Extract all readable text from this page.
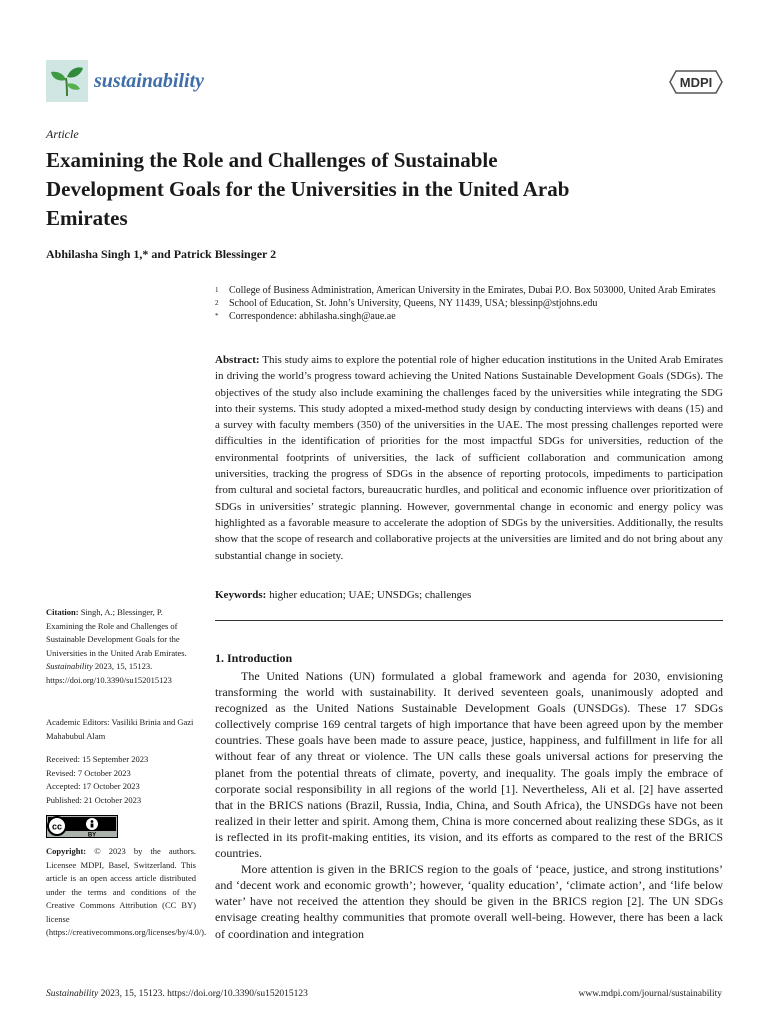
sustainability	MDPI
Article
Examining the Role and Challenges of Sustainable Development Goals for the Universities in the United Arab Emirates
Abhilasha Singh 1,* and Patrick Blessinger 2
1 College of Business Administration, American University in the Emirates, Dubai P.O. Box 503000, United Arab Emirates
2 School of Education, St. John’s University, Queens, NY 11439, USA; blessinp@stjohns.edu
* Correspondence: abhilasha.singh@aue.ae

Abstract: This study aims to explore the potential role of higher education institutions in the United Arab Emirates in driving the world’s progress toward achieving the United Nations Sustainable Development Goals (SDGs). The objectives of the study also include examining the challenges faced by the universities while integrating the SDG into their systems. This study adopted a mixed-method study design by conducting interviews with deans (15) and a survey with faculty members (350) of the universities in the UAE. The most pressing challenges reported were difficulties in the identification of priorities for the most impactful SDGs for universities, reduction of the environmental footprints of universities, the lack of sufficient collaboration and communication among universities, tracking the progress of SDGs in the absence of reporting protocols, impediments to participation from cultural and societal factors, bureaucratic hurdles, and political and economic influence over prioritization of SDGs in universities’ strategic planning. However, governmental change in economic and energy policy was highlighted as a favorable measure to accelerate the adoption of SDGs by the universities. Additionally, the results show that the scope of research and collaborative projects at the universities are limited and do not bring about any substantial change in society.

Keywords: higher education; UAE; UNSDGs; challenges
Citation: Singh, A.; Blessinger, P. Examining the Role and Challenges of Sustainable Development Goals for the Universities in the United Arab Emirates. Sustainability 2023, 15, 15123. https://doi.org/10.3390/su152015123
Academic Editors: Vasiliki Brinia and Gazi Mahabubul Alam
Received: 15 September 2023
Revised: 7 October 2023
Accepted: 17 October 2023
Published: 21 October 2023
cc
BY
Copyright: © 2023 by the authors. Licensee MDPI, Basel, Switzerland. This article is an open access article distributed under the terms and conditions of the Creative Commons Attribution (CC BY) license (https://creativecommons.org/licenses/by/4.0/).
1. Introduction

The United Nations (UN) formulated a global framework and agenda for 2030, envisioning transforming the world with sustainability. It derived seventeen goals, unanimously adopted and recognized as the United Nations Sustainable Development Goals (UNSDGs). These 17 SDGs collectively comprise 169 central targets of high importance that have been agreed upon by the member countries. These goals have been made to assure peace, justice, happiness, and fulfillment in life for all without fear of any threat or violence. The UN calls these goals universal actions for preserving the planet from the potential threats of climate, poverty, and inequality. The goals imply the embrace of corporate social responsibility in all regions of the world [1]. Nevertheless, Ali et al. [2] have asserted that in the BRICS nations (Brazil, Russia, India, China, and South Africa), the UNSDGs have not been realized in their letter and spirit. Among them, China is more concerned about realizing these SDGs, as it is reflected in its profit-making entities, its vision, and its efforts as compared to the rest of the BRICS countries.

More attention is given in the BRICS region to the goals of ‘peace, justice, and strong institutions’ and ‘decent work and economic growth’; however, ‘quality education’, ‘climate action’, and ‘life below water’ have not received the attention they should be given in the BRICS region [2]. The UN SDGs envisage creating healthy communities that promote overall well-being. However, there has been a lack of coordination and integration

Sustainability 2023, 15, 15123. https://doi.org/10.3390/su152015123	www.mdpi.com/journal/sustainability
